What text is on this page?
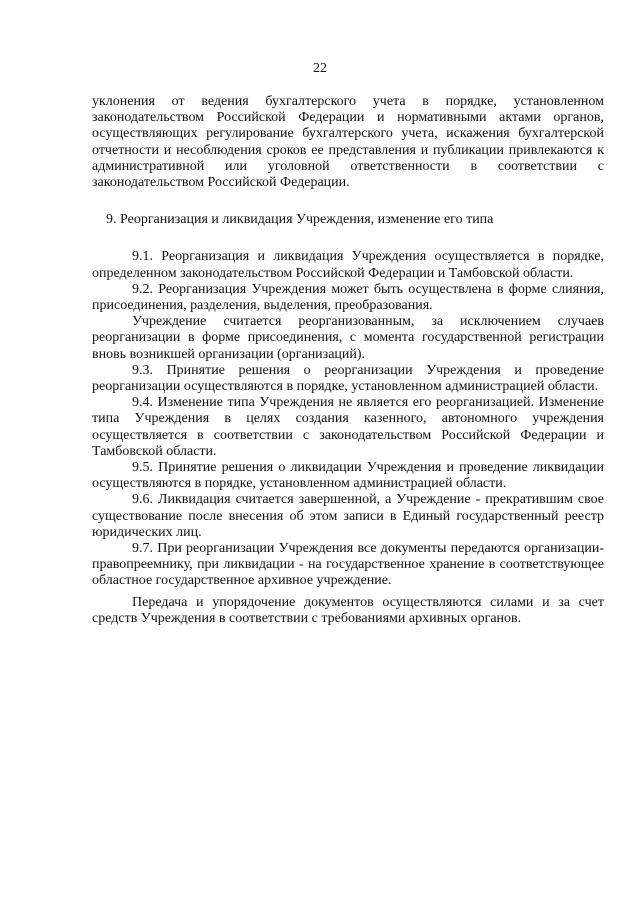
22

уклонения от ведения бухгалтерского учета в порядке, установленном законодательством Российской Федерации и нормативными актами органов, осуществляющих регулирование бухгалтерского учета, искажения бухгалтерской отчетности и несоблюдения сроков ее представления и публикации привлекаются к административной или уголовной ответственности в соответствии с законодательством Российской Федерации.

9. Реорганизация и ликвидация Учреждения, изменение его типа

9.1. Реорганизация и ликвидация Учреждения осуществляется в порядке, определенном законодательством Российской Федерации и Тамбовской области.

9.2. Реорганизация Учреждения может быть осуществлена в форме слияния, присоединения, разделения, выделения, преобразования.

Учреждение считается реорганизованным, за исключением случаев реорганизации в форме присоединения, с момента государственной регистрации вновь возникшей организации (организаций).

9.3. Принятие решения о реорганизации Учреждения и проведение реорганизации осуществляются в порядке, установленном администрацией области.

9.4. Изменение типа Учреждения не является его реорганизацией. Изменение типа Учреждения в целях создания казенного, автономного учреждения осуществляется в соответствии с законодательством Российской Федерации и Тамбовской области.

9.5. Принятие решения о ликвидации Учреждения и проведение ликвидации осуществляются в порядке, установленном администрацией области.

9.6. Ликвидация считается завершенной, а Учреждение - прекратившим свое существование после внесения об этом записи в Единый государственный реестр юридических лиц.

9.7. При реорганизации Учреждения все документы передаются организации-правопреемнику, при ликвидации - на государственное хранение в соответствующее областное государственное архивное учреждение.

Передача и упорядочение документов осуществляются силами и за счет средств Учреждения в соответствии с требованиями архивных органов.
